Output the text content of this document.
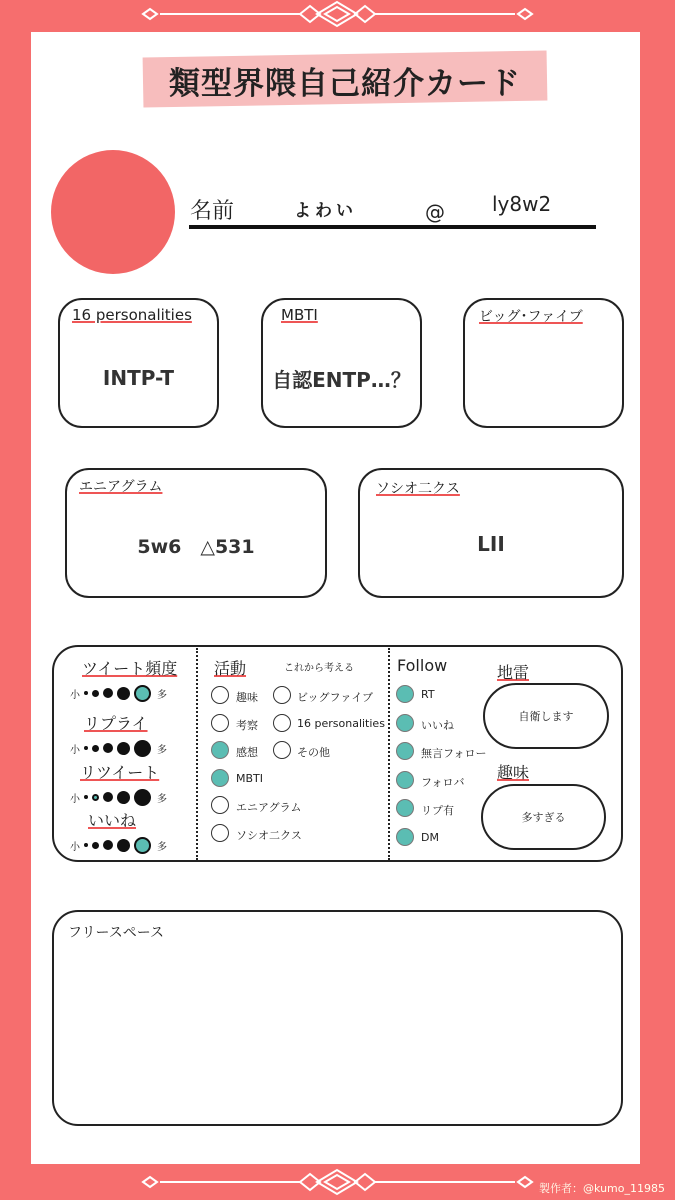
類型界隈自己紹介カード
名前	よわい	@ ly8w2
16 personalities
INTP-T
MBTI
自認ENTP…？
ビッグ･ファイブ
エニアグラム
5w6　△531
ソシオ二クス
LII
活動	これから考える	Follow	地雷
自衛します
趣味
多すぎる
フリースペース
製作者：@kumo_11985
ツイート頻度
小	多
リプライ
小	多
リツイート
小	多
いいね
小	多
趣味
考察
感想
MBTI
エニアグラム
ソシオ二クス
ビッグファイブ
16 personalities
その他
RT
いいね
無言フォロー
フォロバ
リプ有
DM
